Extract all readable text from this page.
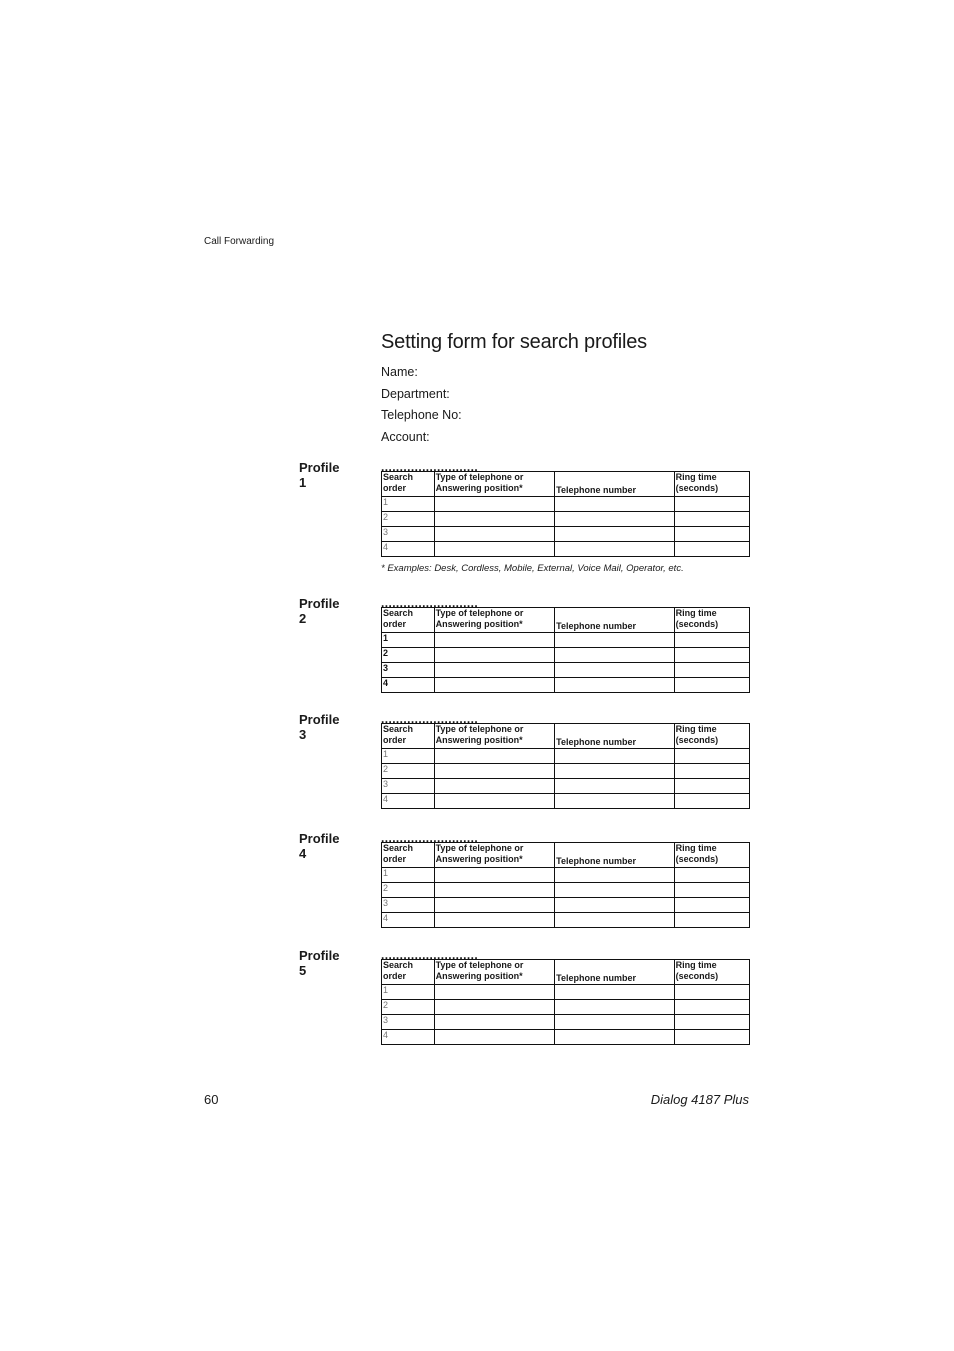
Call Forwarding
Setting form for search profiles
Name:
Department:
Telephone No:
Account:
Profile 1
..........................
Search order	Type of telephone or Answering position*	Telephone number	Ring time (seconds)
1			
2			
3			
4			
* Examples: Desk, Cordless, Mobile, External, Voice Mail, Operator, etc.
Profile 2
..........................
Search order	Type of telephone or Answering position*	Telephone number	Ring time (seconds)
1			
2			
3			
4			
Profile 3
..........................
Search order	Type of telephone or Answering position*	Telephone number	Ring time (seconds)
1			
2			
3			
4			
Profile 4
..........................
Search order	Type of telephone or Answering position*	Telephone number	Ring time (seconds)
1			
2			
3			
4			
Profile 5
..........................
Search order	Type of telephone or Answering position*	Telephone number	Ring time (seconds)
1			
2			
3			
4			
60	Dialog 4187 Plus
